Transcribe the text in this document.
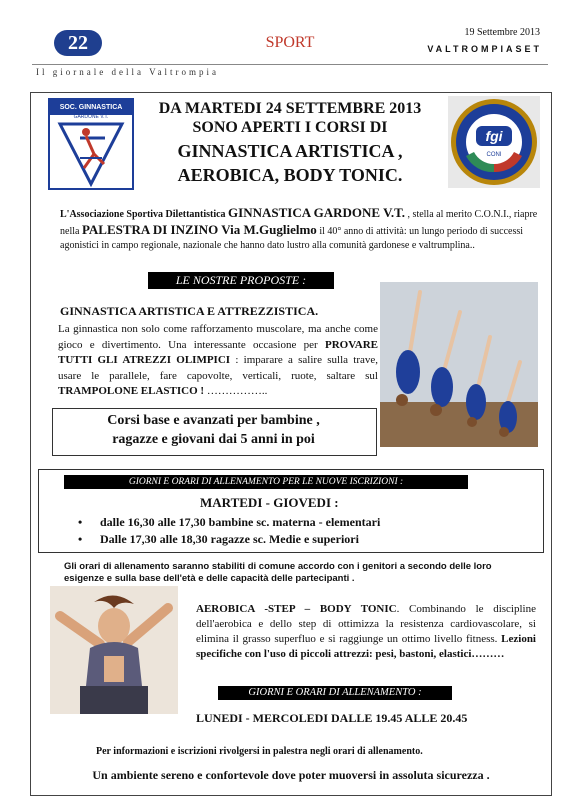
22	SPORT
19 Settembre 2013
VALTROMPIASET
Il giornale della Valtrompia
SOC. GINNASTICA
GARDONE V.T.
fgi
CONI
DA MARTEDI 24 SETTEMBRE 2013
SONO APERTI I CORSI DI
GINNASTICA ARTISTICA ,
AEROBICA, BODY TONIC.
L'Associazione Sportiva Dilettantistica GINNASTICA GARDONE V.T. , stella al merito C.O.N.I., riapre nella PALESTRA DI INZINO Via M.Guglielmo il 40° anno di attività: un lungo periodo di successi agonistici in campo regionale, nazionale che hanno dato lustro alla comunità gardonese e valtrumplina..
LE NOSTRE PROPOSTE :
GINNASTICA ARTISTICA E ATTREZZISTICA.
La ginnastica non solo come rafforzamento muscolare, ma anche come gioco e divertimento. Una interessante occasione per PROVARE TUTTI GLI ATREZZI OLIMPICI : imparare a salire sulla trave, usare le parallele, fare capovolte, verticali, ruote, saltare sul TRAMPOLONE ELASTICO ! ……………..
Corsi base e avanzati per bambine ,
ragazze e giovani dai 5 anni in poi
GIORNI E ORARI DI ALLENAMENTO PER LE NUOVE ISCRIZIONI :
MARTEDI - GIOVEDI :
• dalle 16,30 alle 17,30 bambine sc. materna - elementari
• Dalle 17,30 alle 18,30 ragazze sc. Medie e superiori
Gli orari di allenamento saranno stabiliti di comune accordo con i genitori a secondo delle loro esigenze e sulla base dell'età e delle capacità delle partecipanti .
AEROBICA -STEP – BODY TONIC. Combinando le discipline dell'aerobica e dello step di ottimizza la resistenza cardiovascolare, si elimina il grasso superfluo e si raggiunge un ottimo livello fitness. Lezioni specifiche con l'uso di piccoli attrezzi: pesi, bastoni, elastici………
GIORNI E ORARI DI ALLENAMENTO :
LUNEDI - MERCOLEDI DALLE 19.45 ALLE 20.45
Per informazioni e iscrizioni rivolgersi in palestra negli orari di allenamento.
Un ambiente sereno e confortevole dove poter muoversi in assoluta sicurezza .
